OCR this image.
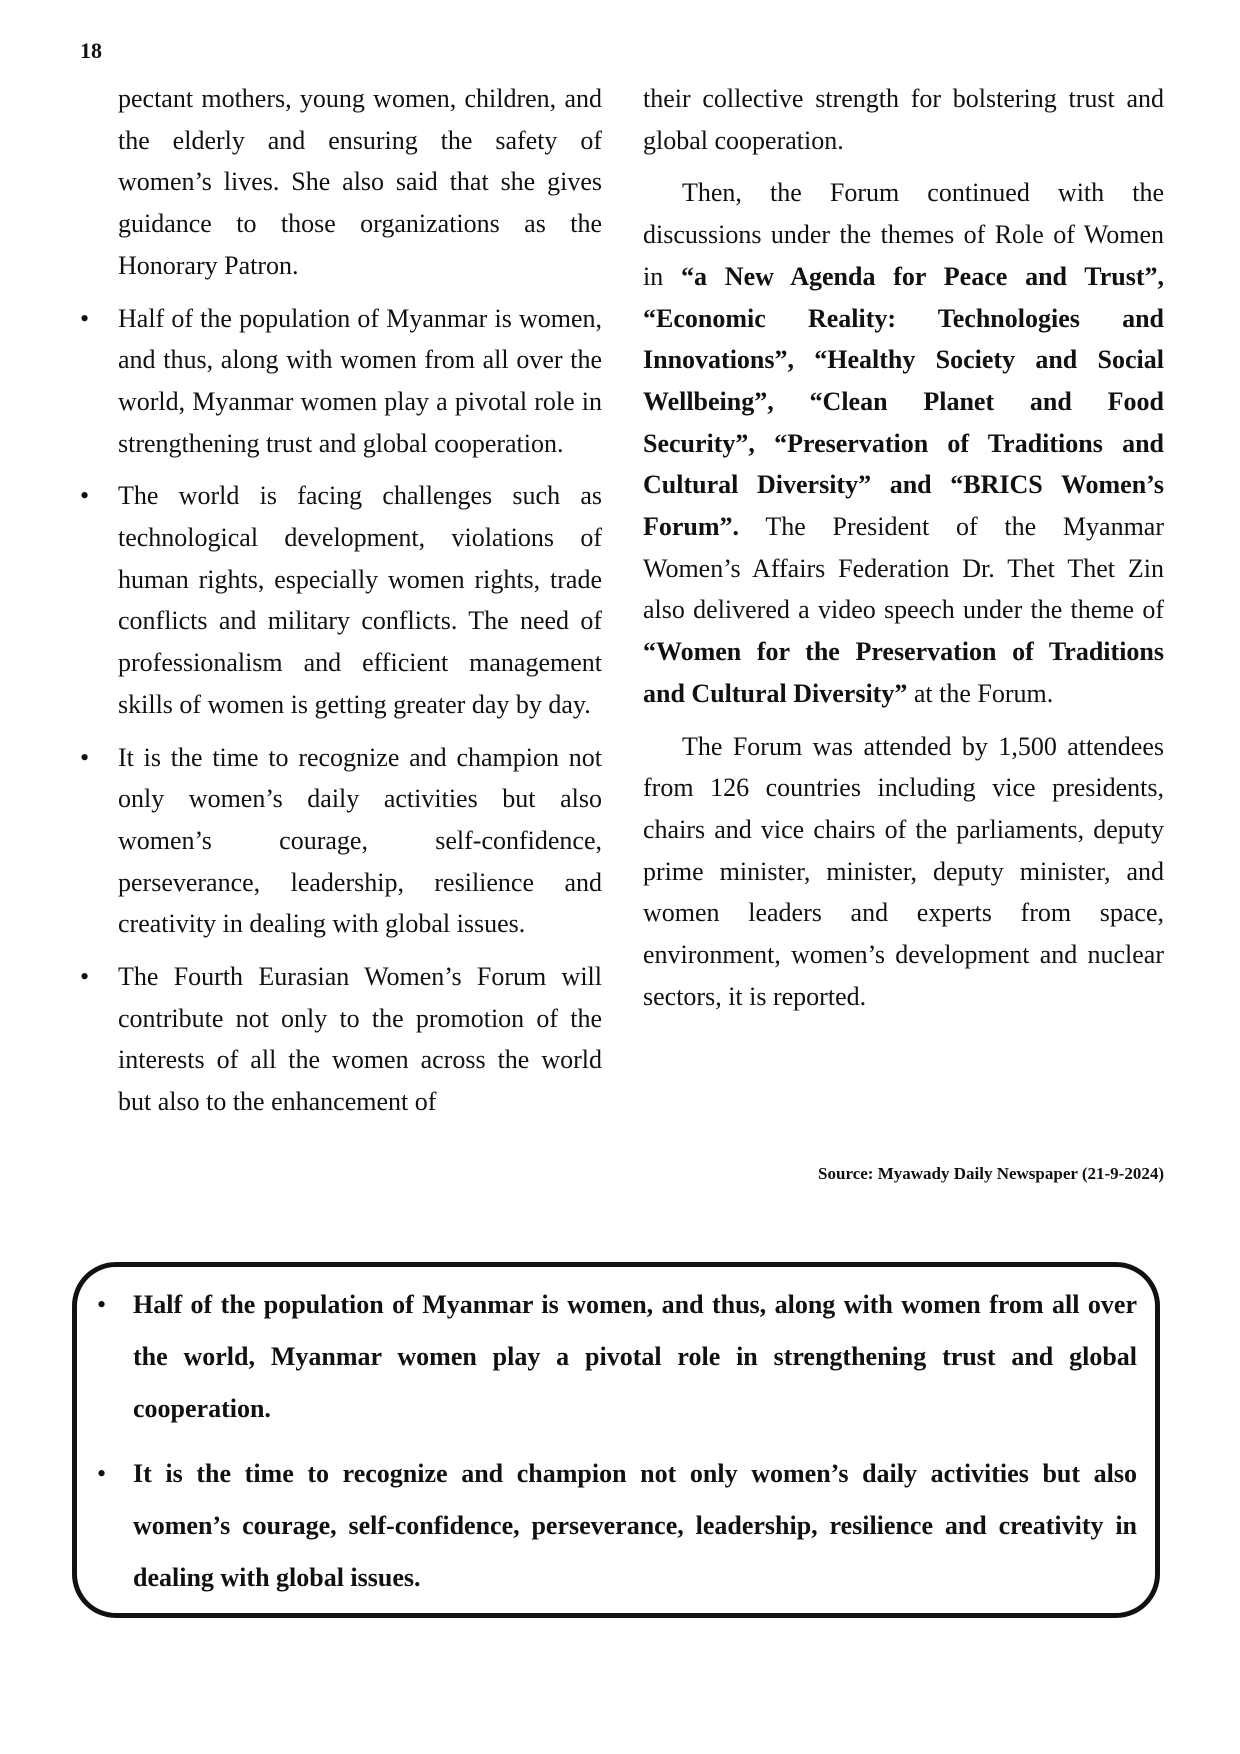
18

pectant mothers, young women, children, and the elderly and ensuring the safety of women’s lives. She also said that she gives guidance to those organizations as the Honorary Patron.

• Half of the population of Myanmar is women, and thus, along with women from all over the world, Myanmar women play a pivotal role in strengthening trust and global cooperation.
• The world is facing challenges such as technological development, violations of human rights, especially women rights, trade conflicts and military conflicts. The need of professionalism and efficient management skills of women is getting greater day by day.
• It is the time to recognize and champion not only women’s daily activities but also women’s courage, self-confidence, perseverance, leadership, resilience and creativity in dealing with global issues.
• The Fourth Eurasian Women’s Forum will contribute not only to the promotion of the interests of all the women across the world but also to the enhancement of

their collective strength for bolstering trust and global cooperation.

Then, the Forum continued with the discussions under the themes of Role of Women in “a New Agenda for Peace and Trust”, “Economic Reality: Technologies and Innovations”, “Healthy Society and Social Wellbeing”, “Clean Planet and Food Security”, “Preservation of Traditions and Cultural Diversity” and “BRICS Women’s Forum”. The President of the Myanmar Women’s Affairs Federation Dr. Thet Thet Zin also delivered a video speech under the theme of “Women for the Preservation of Traditions and Cultural Diversity” at the Forum.

The Forum was attended by 1,500 attendees from 126 countries including vice presidents, chairs and vice chairs of the parliaments, deputy prime minister, minister, deputy minister, and women leaders and experts from space, environment, women’s development and nuclear sectors, it is reported.

Source: Myawady Daily Newspaper (21-9-2024)
• Half of the population of Myanmar is women, and thus, along with women from all over the world, Myanmar women play a pivotal role in strengthening trust and global cooperation.
• It is the time to recognize and champion not only women’s daily activities but also women’s courage, self-confidence, perseverance, leadership, resilience and creativity in dealing with global issues.
